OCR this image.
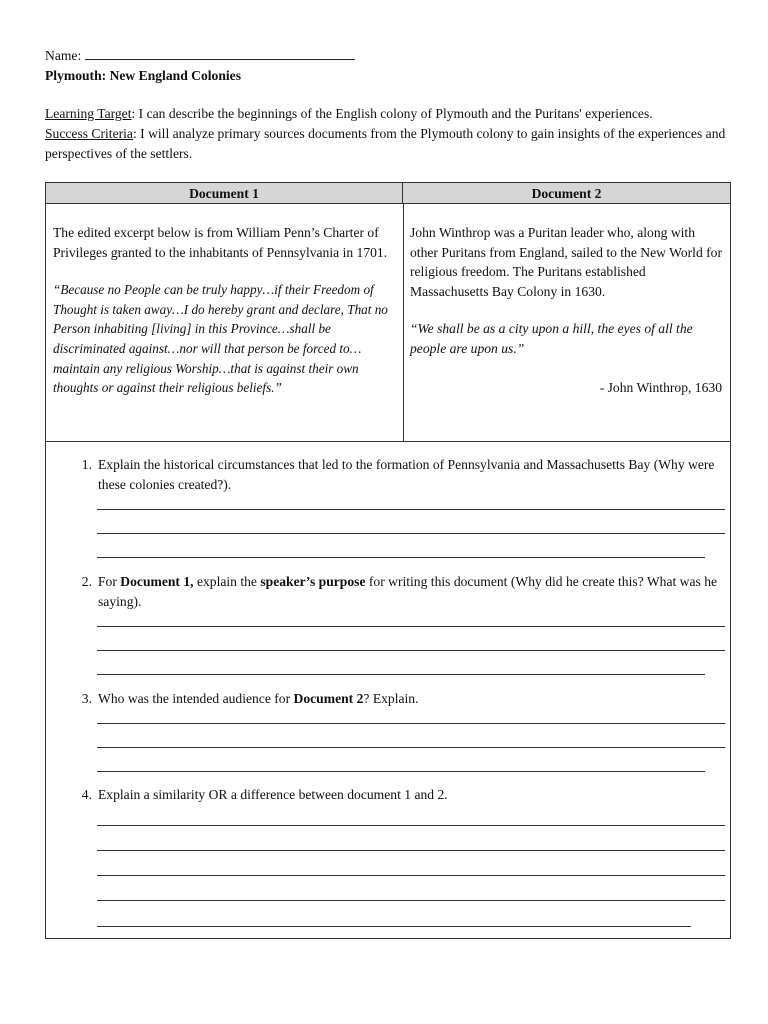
Name:
Plymouth: New England Colonies
Learning Target: I can describe the beginnings of the English colony of Plymouth and the Puritans' experiences.
Success Criteria: I will analyze primary sources documents from the Plymouth colony to gain insights of the experiences and perspectives of the settlers.
Document 1	Document 2
The edited excerpt below is from William Penn’s Charter of Privileges granted to the inhabitants of Pennsylvania in 1701.
“Because no People can be truly happy…if their Freedom of Thought is taken away…I do hereby grant and declare, That no Person inhabiting [living] in this Province…shall be discriminated against…nor will that person be forced to…maintain any religious Worship…that is against their own thoughts or against their religious beliefs.”
John Winthrop was a Puritan leader who, along with other Puritans from England, sailed to the New World for religious freedom. The Puritans established Massachusetts Bay Colony in 1630.
“We shall be as a city upon a hill, the eyes of all the people are upon us.”
- John Winthrop, 1630
1. Explain the historical circumstances that led to the formation of Pennsylvania and Massachusetts Bay (Why were these colonies created?).
2. For Document 1, explain the speaker’s purpose for writing this document (Why did he create this? What was he saying).
3. Who was the intended audience for Document 2? Explain.
4. Explain a similarity OR a difference between document 1 and 2.
